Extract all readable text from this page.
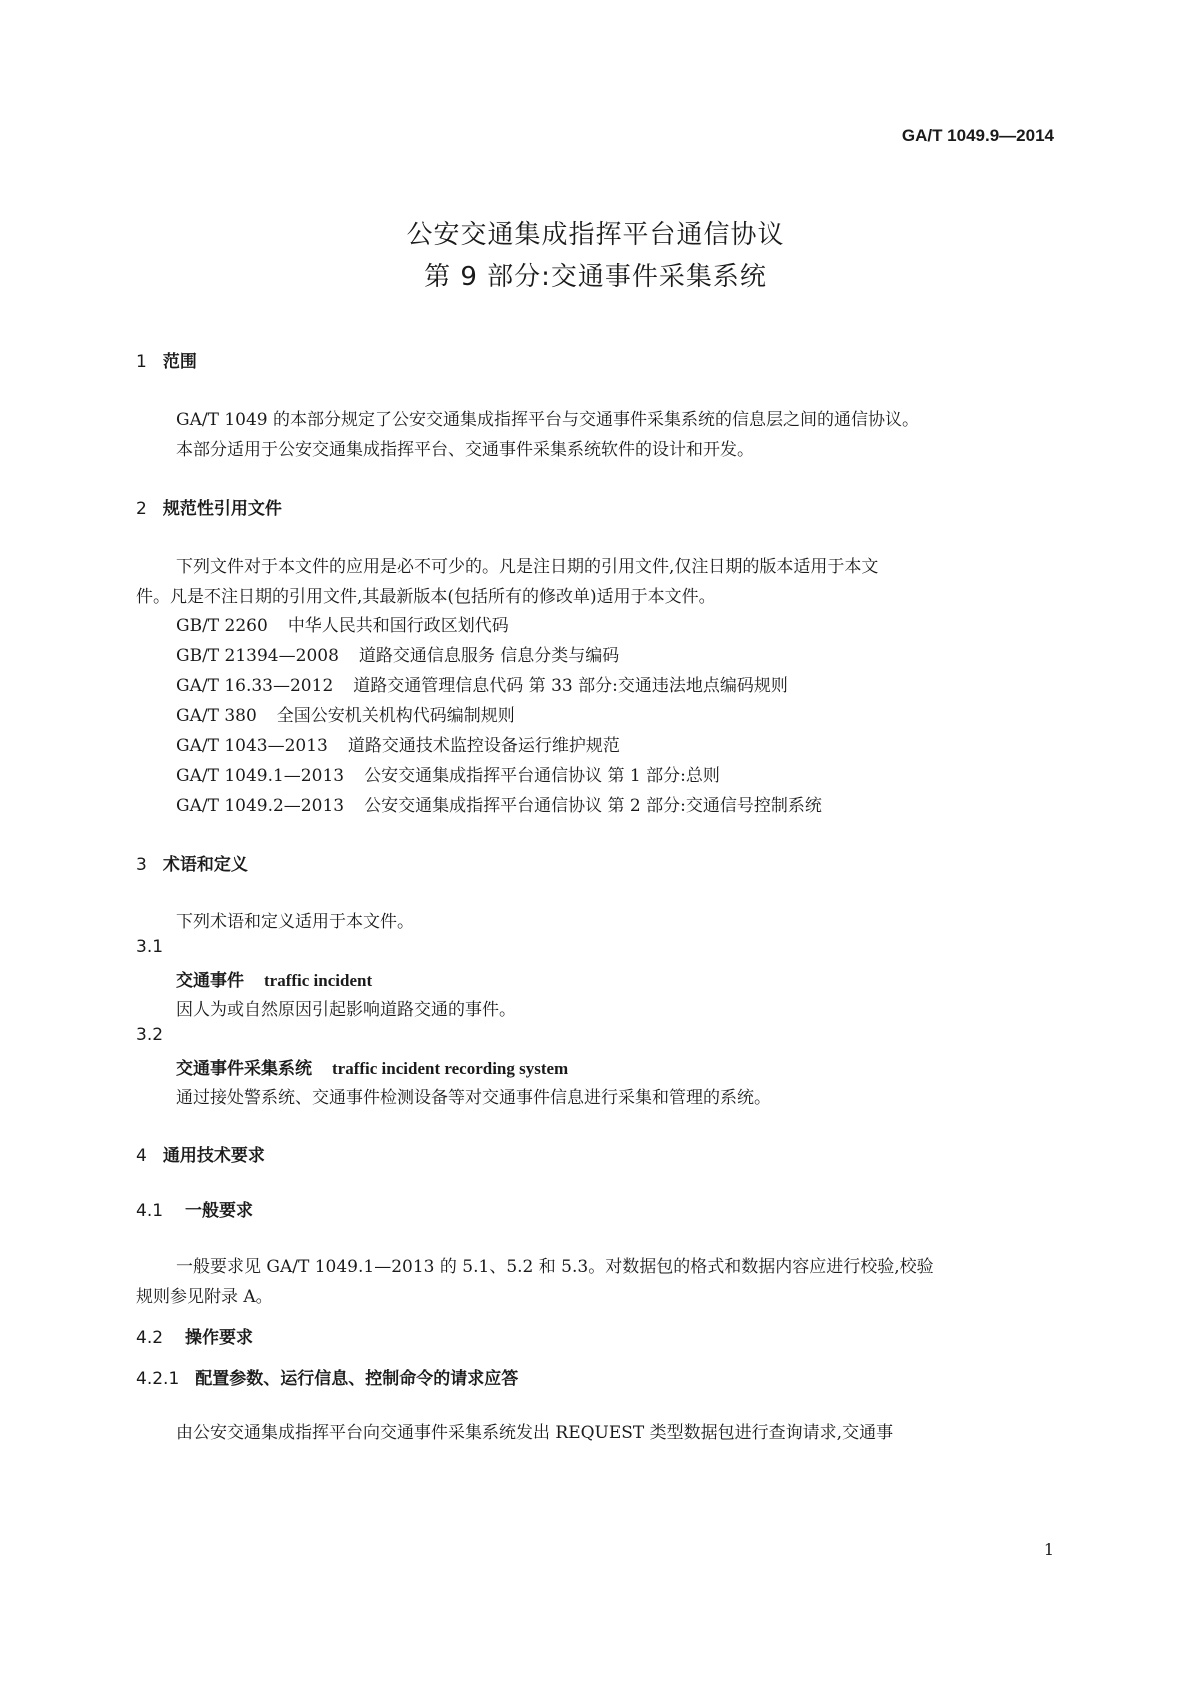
GA/T 1049.9—2014
公安交通集成指挥平台通信协议
第 9 部分:交通事件采集系统
1 范围
GA/T 1049 的本部分规定了公安交通集成指挥平台与交通事件采集系统的信息层之间的通信协议。
本部分适用于公安交通集成指挥平台、交通事件采集系统软件的设计和开发。
2 规范性引用文件
下列文件对于本文件的应用是必不可少的。凡是注日期的引用文件,仅注日期的版本适用于本文
件。凡是不注日期的引用文件,其最新版本(包括所有的修改单)适用于本文件。
GB/T 2260 中华人民共和国行政区划代码
GB/T 21394—2008 道路交通信息服务 信息分类与编码
GA/T 16.33—2012 道路交通管理信息代码 第 33 部分:交通违法地点编码规则
GA/T 380 全国公安机关机构代码编制规则
GA/T 1043—2013 道路交通技术监控设备运行维护规范
GA/T 1049.1—2013 公安交通集成指挥平台通信协议 第 1 部分:总则
GA/T 1049.2—2013 公安交通集成指挥平台通信协议 第 2 部分:交通信号控制系统
3 术语和定义
下列术语和定义适用于本文件。
3.1
交通事件 traffic incident
因人为或自然原因引起影响道路交通的事件。
3.2
交通事件采集系统 traffic incident recording system
通过接处警系统、交通事件检测设备等对交通事件信息进行采集和管理的系统。
4 通用技术要求
4.1 一般要求
一般要求见 GA/T 1049.1—2013 的 5.1、5.2 和 5.3。对数据包的格式和数据内容应进行校验,校验
规则参见附录 A。
4.2 操作要求
4.2.1 配置参数、运行信息、控制命令的请求应答
由公安交通集成指挥平台向交通事件采集系统发出 REQUEST 类型数据包进行查询请求,交通事
1
